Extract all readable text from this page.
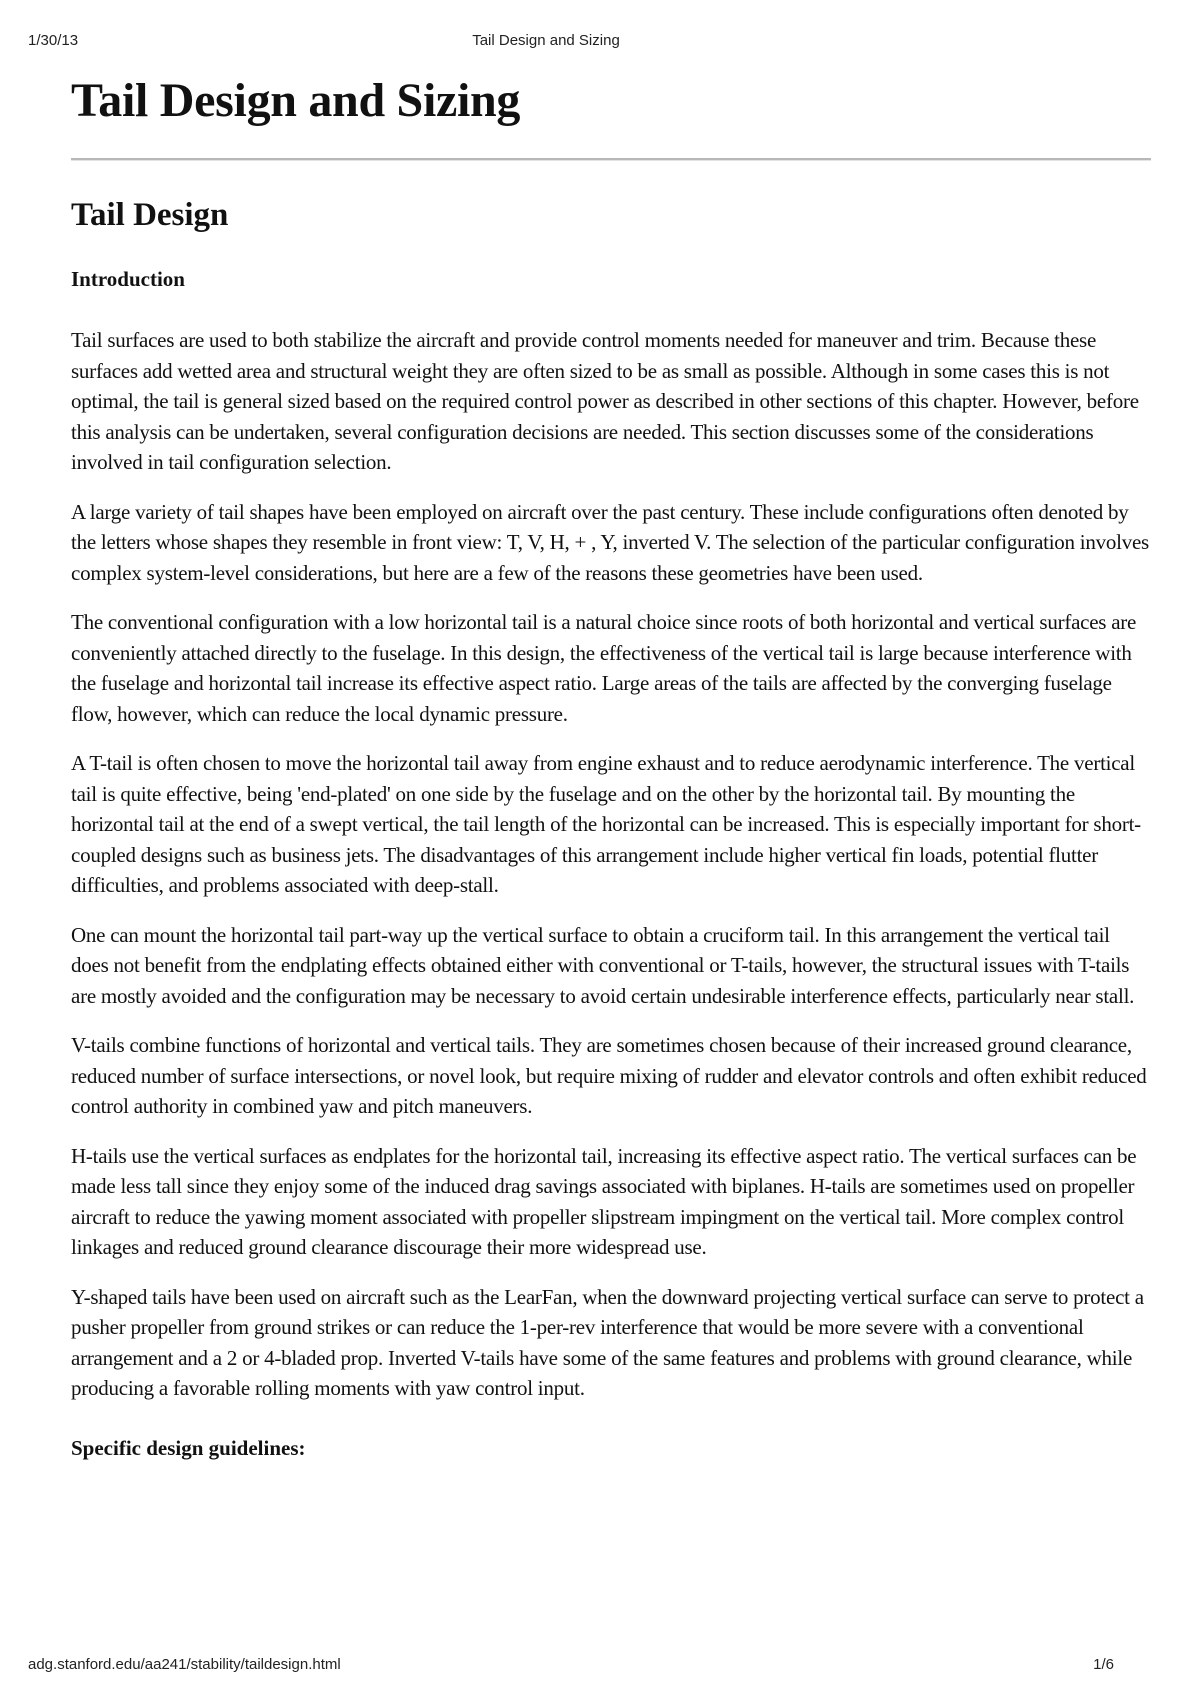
1/30/13	Tail Design and Sizing
Tail Design and Sizing
Tail Design
Introduction

Tail surfaces are used to both stabilize the aircraft and provide control moments needed for maneuver and trim. Because these surfaces add wetted area and structural weight they are often sized to be as small as possible. Although in some cases this is not optimal, the tail is general sized based on the required control power as described in other sections of this chapter. However, before this analysis can be undertaken, several configuration decisions are needed. This section discusses some of the considerations involved in tail configuration selection.

A large variety of tail shapes have been employed on aircraft over the past century. These include configurations often denoted by the letters whose shapes they resemble in front view: T, V, H, + , Y, inverted V. The selection of the particular configuration involves complex system-level considerations, but here are a few of the reasons these geometries have been used.

The conventional configuration with a low horizontal tail is a natural choice since roots of both horizontal and vertical surfaces are conveniently attached directly to the fuselage. In this design, the effectiveness of the vertical tail is large because interference with the fuselage and horizontal tail increase its effective aspect ratio. Large areas of the tails are affected by the converging fuselage flow, however, which can reduce the local dynamic pressure.

A T-tail is often chosen to move the horizontal tail away from engine exhaust and to reduce aerodynamic interference. The vertical tail is quite effective, being 'end-plated' on one side by the fuselage and on the other by the horizontal tail. By mounting the horizontal tail at the end of a swept vertical, the tail length of the horizontal can be increased. This is especially important for short-coupled designs such as business jets. The disadvantages of this arrangement include higher vertical fin loads, potential flutter difficulties, and problems associated with deep-stall.

One can mount the horizontal tail part-way up the vertical surface to obtain a cruciform tail. In this arrangement the vertical tail does not benefit from the endplating effects obtained either with conventional or T-tails, however, the structural issues with T-tails are mostly avoided and the configuration may be necessary to avoid certain undesirable interference effects, particularly near stall.

V-tails combine functions of horizontal and vertical tails. They are sometimes chosen because of their increased ground clearance, reduced number of surface intersections, or novel look, but require mixing of rudder and elevator controls and often exhibit reduced control authority in combined yaw and pitch maneuvers.

H-tails use the vertical surfaces as endplates for the horizontal tail, increasing its effective aspect ratio. The vertical surfaces can be made less tall since they enjoy some of the induced drag savings associated with biplanes. H-tails are sometimes used on propeller aircraft to reduce the yawing moment associated with propeller slipstream impingment on the vertical tail. More complex control linkages and reduced ground clearance discourage their more widespread use.

Y-shaped tails have been used on aircraft such as the LearFan, when the downward projecting vertical surface can serve to protect a pusher propeller from ground strikes or can reduce the 1-per-rev interference that would be more severe with a conventional arrangement and a 2 or 4-bladed prop. Inverted V-tails have some of the same features and problems with ground clearance, while producing a favorable rolling moments with yaw control input.

Specific design guidelines:
adg.stanford.edu/aa241/stability/taildesign.html	1/6
